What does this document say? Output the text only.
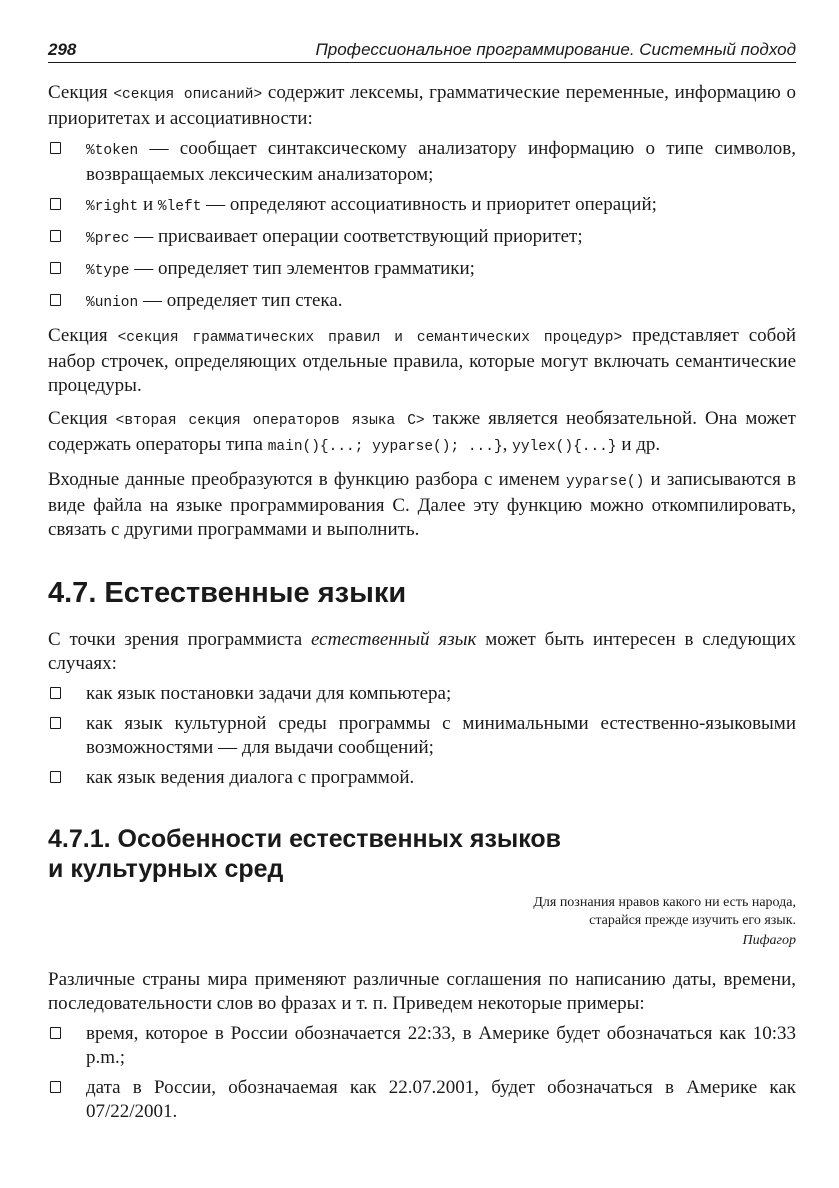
298	Профессиональное программирование. Системный подход

Секция <секция описаний> содержит лексемы, грамматические переменные, информацию о приоритетах и ассоциативности:

%token — сообщает синтаксическому анализатору информацию о типе символов, возвращаемых лексическим анализатором;
%right и %left — определяют ассоциативность и приоритет операций;
%prec — присваивает операции соответствующий приоритет;
%type — определяет тип элементов грамматики;
%union — определяет тип стека.

Секция <секция грамматических правил и семантических процедур> представляет собой набор строчек, определяющих отдельные правила, которые могут включать семантические процедуры.

Секция <вторая секция операторов языка C> также является необязательной. Она может содержать операторы типа main(){...; yyparse(); ...}, yylex(){...} и др.

Входные данные преобразуются в функцию разбора с именем yyparse() и записываются в виде файла на языке программирования C. Далее эту функцию можно откомпилировать, связать с другими программами и выполнить.

4.7. Естественные языки

С точки зрения программиста естественный язык может быть интересен в следующих случаях:

как язык постановки задачи для компьютера;
как язык культурной среды программы с минимальными естественно-языковыми возможностями — для выдачи сообщений;
как язык ведения диалога с программой.
4.7.1. Особенности естественных языков
и культурных сред
Для познания нравов какого ни есть народа,
старайся прежде изучить его язык.
Пифагор

Различные страны мира применяют различные соглашения по написанию даты, времени, последовательности слов во фразах и т. п. Приведем некоторые примеры:

время, которое в России обозначается 22:33, в Америке будет обозначаться как 10:33 p.m.;
дата в России, обозначаемая как 22.07.2001, будет обозначаться в Америке как 07/22/2001.
